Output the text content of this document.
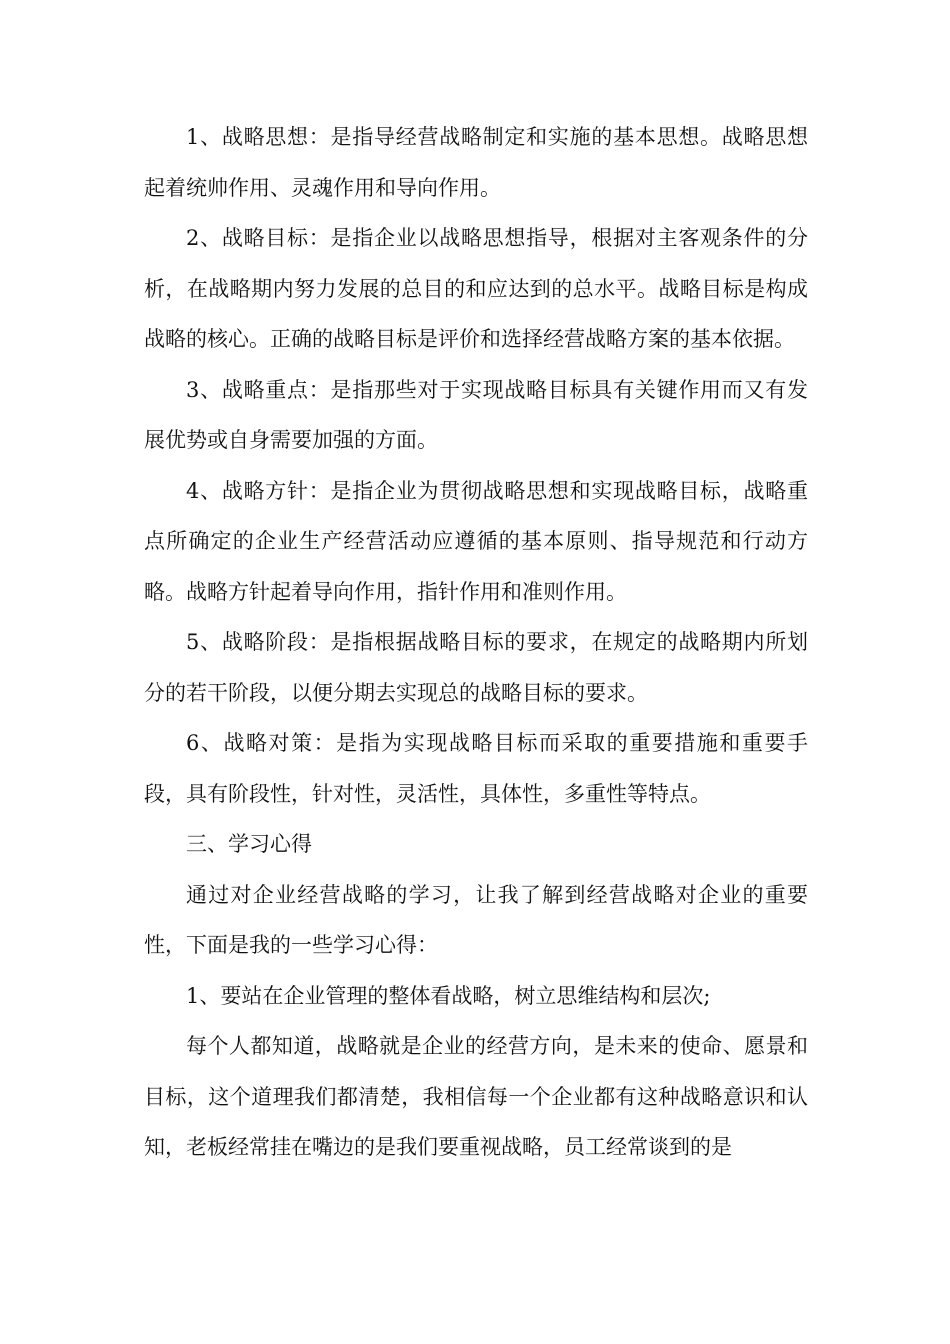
1、战略思想：是指导经营战略制定和实施的基本思想。战略思想起着统帅作用、灵魂作用和导向作用。

2、战略目标：是指企业以战略思想指导，根据对主客观条件的分析，在战略期内努力发展的总目的和应达到的总水平。战略目标是构成战略的核心。正确的战略目标是评价和选择经营战略方案的基本依据。

3、战略重点：是指那些对于实现战略目标具有关键作用而又有发展优势或自身需要加强的方面。

4、战略方针：是指企业为贯彻战略思想和实现战略目标，战略重点所确定的企业生产经营活动应遵循的基本原则、指导规范和行动方略。战略方针起着导向作用，指针作用和准则作用。

5、战略阶段：是指根据战略目标的要求，在规定的战略期内所划分的若干阶段，以便分期去实现总的战略目标的要求。

6、战略对策：是指为实现战略目标而采取的重要措施和重要手段，具有阶段性，针对性，灵活性，具体性，多重性等特点。

三、学习心得

通过对企业经营战略的学习，让我了解到经营战略对企业的重要性，下面是我的一些学习心得：

1、要站在企业管理的整体看战略，树立思维结构和层次;

每个人都知道，战略就是企业的经营方向，是未来的使命、愿景和目标，这个道理我们都清楚，我相信每一个企业都有这种战略意识和认知，老板经常挂在嘴边的是我们要重视战略，员工经常谈到的是
